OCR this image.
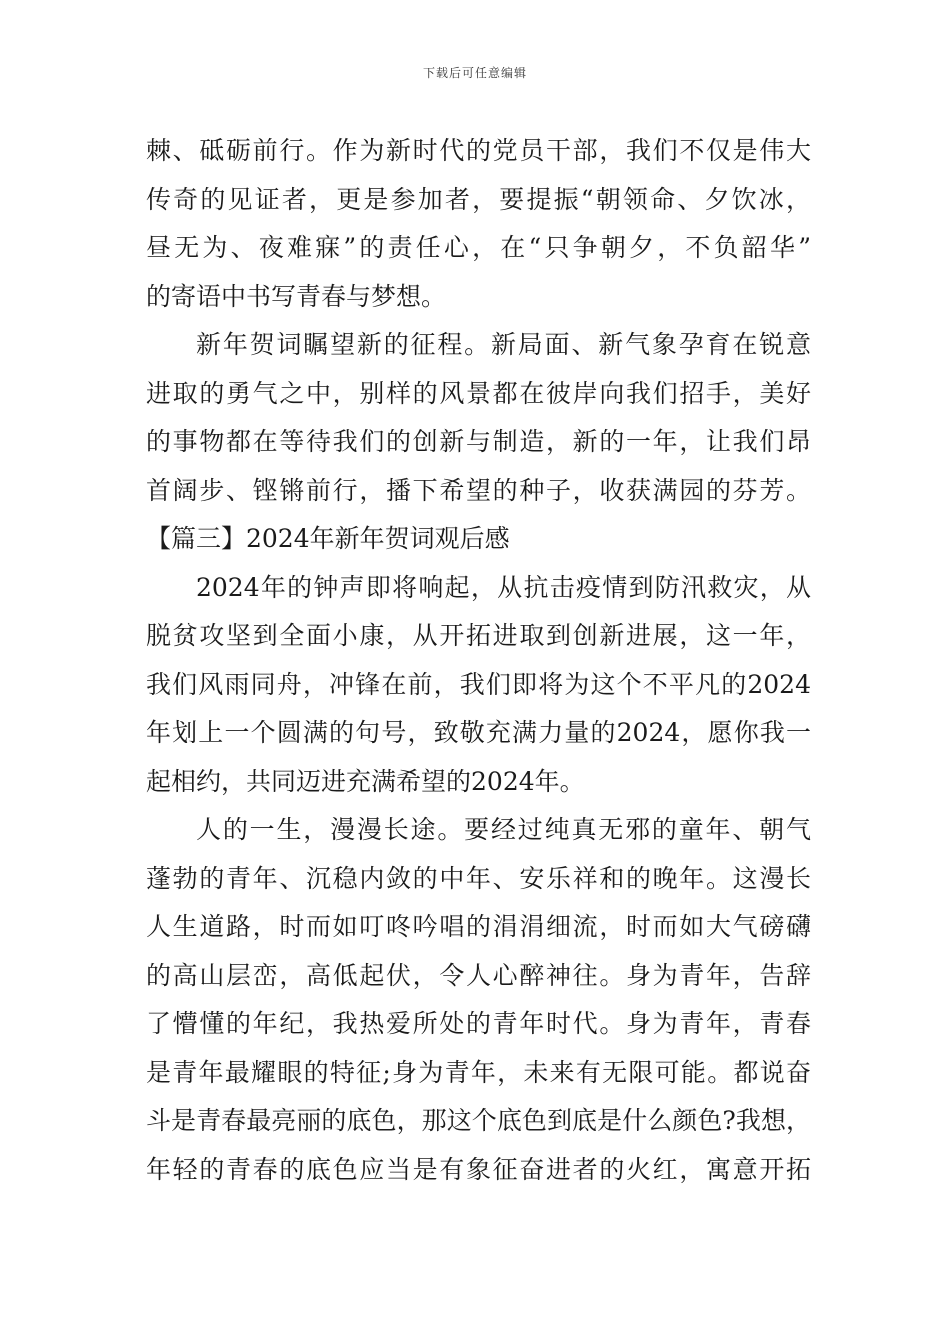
下载后可任意编辑
棘、砥砺前行。作为新时代的党员干部，我们不仅是伟大
传奇的见证者，更是参加者，要提振“朝领命、夕饮冰，
昼无为、夜难寐”的责任心，在“只争朝夕，不负韶华”
的寄语中书写青春与梦想。
新年贺词瞩望新的征程。新局面、新气象孕育在锐意
进取的勇气之中，别样的风景都在彼岸向我们招手，美好
的事物都在等待我们的创新与制造，新的一年，让我们昂
首阔步、铿锵前行，播下希望的种子，收获满园的芬芳。
【篇三】2024年新年贺词观后感
2024年的钟声即将响起，从抗击疫情到防汛救灾，从
脱贫攻坚到全面小康，从开拓进取到创新进展，这一年，
我们风雨同舟，冲锋在前，我们即将为这个不平凡的2024
年划上一个圆满的句号，致敬充满力量的2024，愿你我一
起相约，共同迈进充满希望的2024年。
人的一生，漫漫长途。要经过纯真无邪的童年、朝气
蓬勃的青年、沉稳内敛的中年、安乐祥和的晚年。这漫长
人生道路，时而如叮咚吟唱的涓涓细流，时而如大气磅礴
的高山层峦，高低起伏，令人心醉神往。身为青年，告辞
了懵懂的年纪，我热爱所处的青年时代。身为青年，青春
是青年最耀眼的特征;身为青年，未来有无限可能。都说奋
斗是青春最亮丽的底色，那这个底色到底是什么颜色?我想，
年轻的青春的底色应当是有象征奋进者的火红，寓意开拓
